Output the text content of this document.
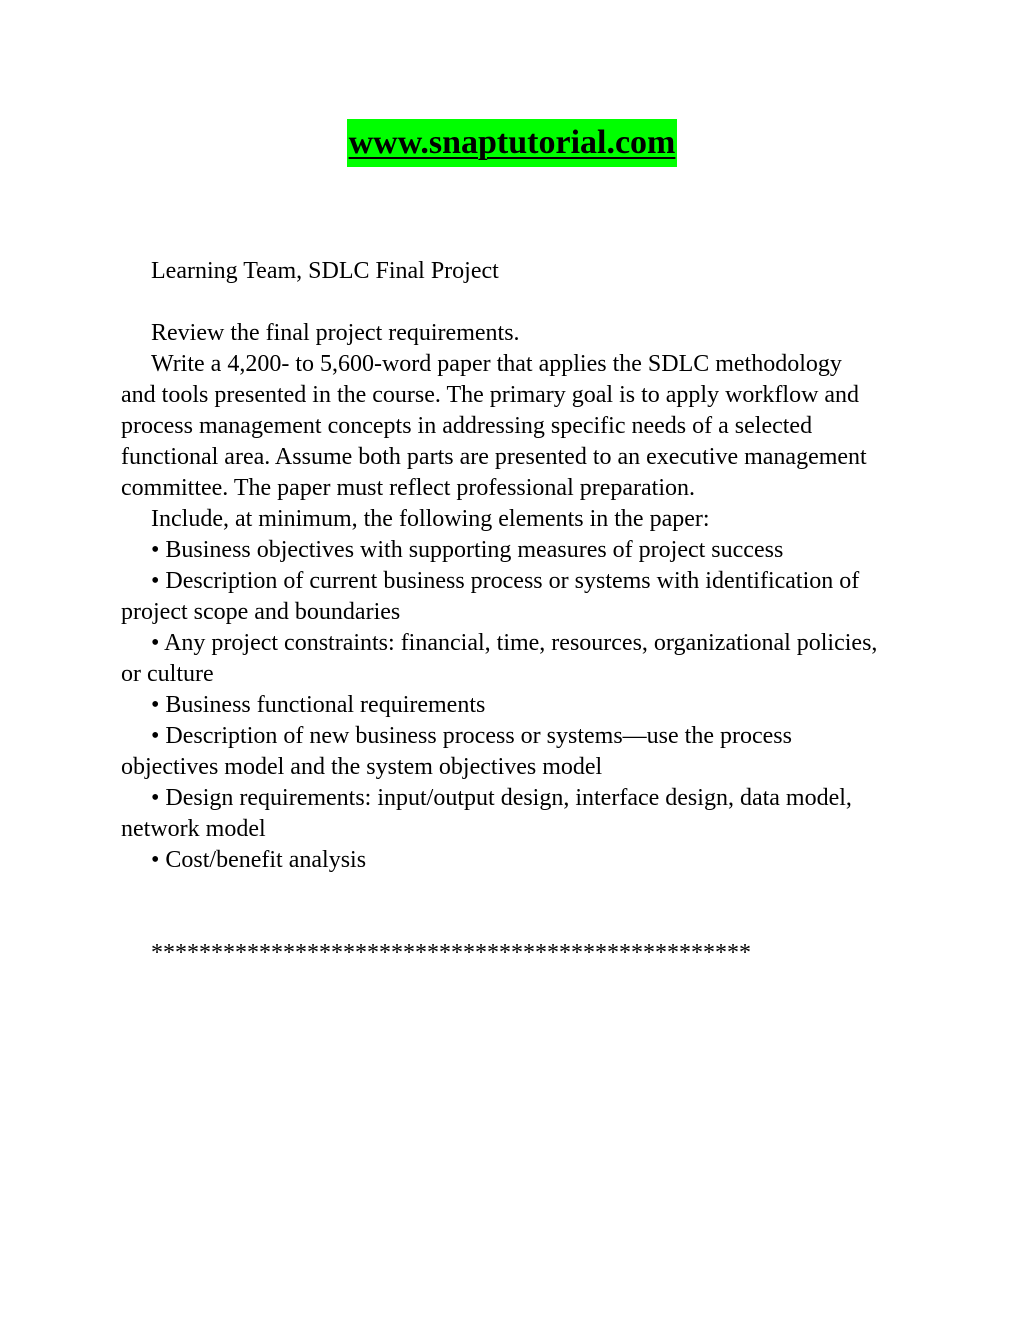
www.snaptutorial.com

Learning Team, SDLC Final Project

Review the final project requirements.

Write a 4,200- to 5,600-word paper that applies the SDLC methodology and tools presented in the course. The primary goal is to apply workflow and process management concepts in addressing specific needs of a selected functional area. Assume both parts are presented to an executive management committee. The paper must reflect professional preparation.

Include, at minimum, the following elements in the paper:

• Business objectives with supporting measures of project success

• Description of current business process or systems with identification of project scope and boundaries

• Any project constraints: financial, time, resources, organizational policies, or culture

• Business functional requirements

• Description of new business process or systems—use the process objectives model and the system objectives model

• Design requirements: input/output design, interface design, data model, network model

• Cost/benefit analysis

**************************************************
